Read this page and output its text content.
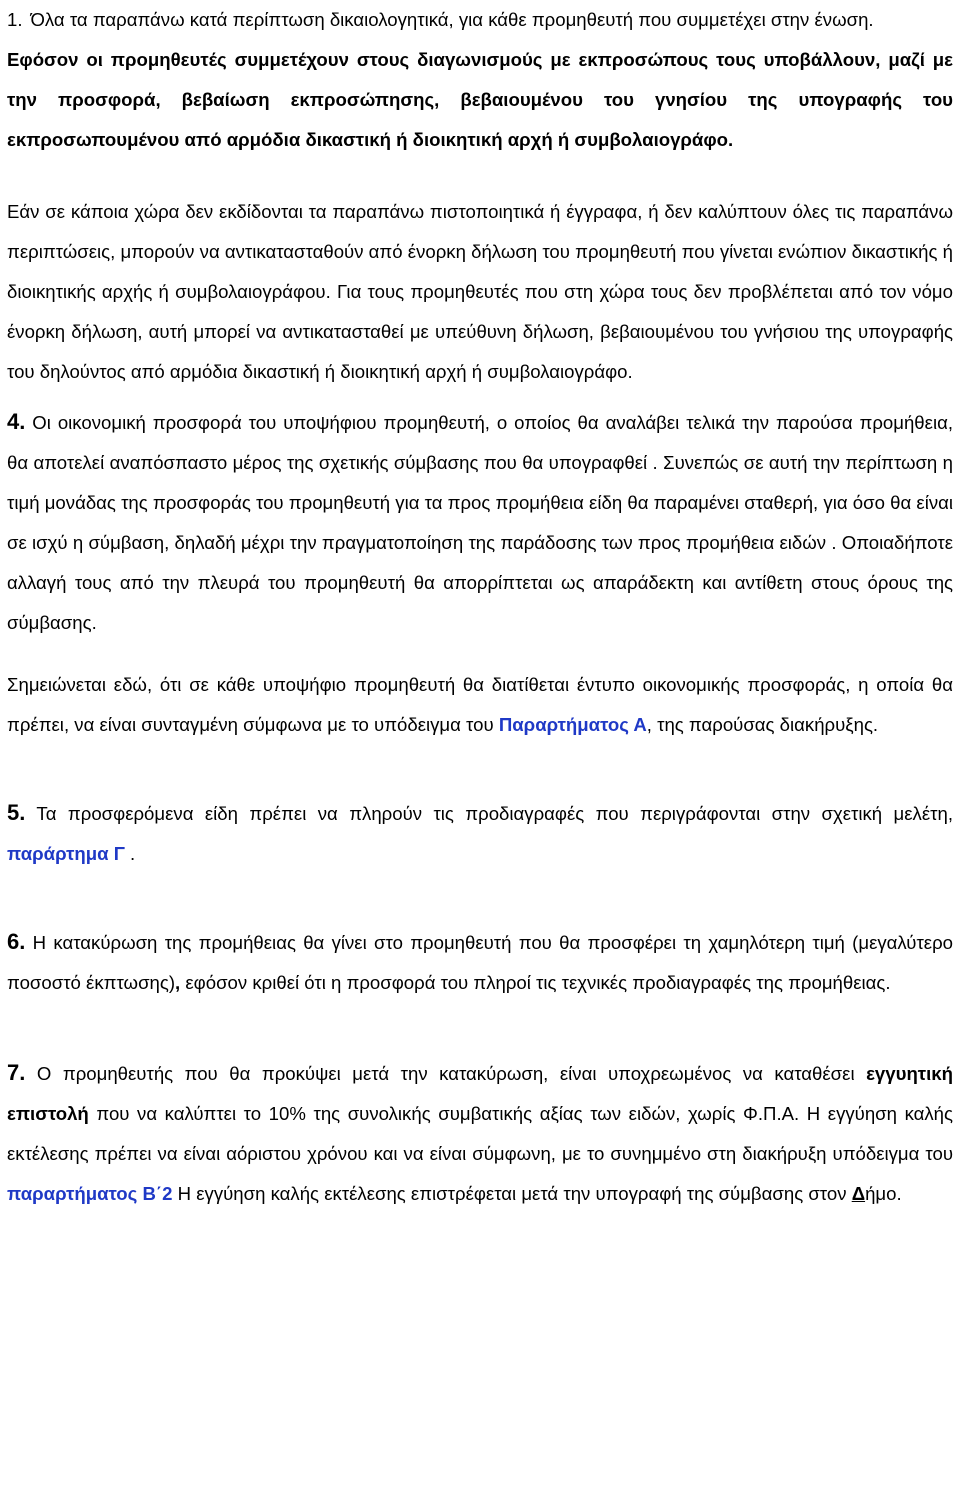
1. Όλα τα παραπάνω κατά περίπτωση δικαιολογητικά, για κάθε προμηθευτή που συμμετέχει στην ένωση.

Εφόσον οι προμηθευτές συμμετέχουν στους διαγωνισμούς με εκπροσώπους τους υποβάλλουν, μαζί με την προσφορά, βεβαίωση εκπροσώπησης, βεβαιουμένου του γνησίου της υπογραφής του εκπροσωπουμένου από αρμόδια δικαστική ή διοικητική αρχή ή συμβολαιογράφο.

Εάν σε κάποια χώρα δεν εκδίδονται τα παραπάνω πιστοποιητικά ή έγγραφα, ή δεν καλύπτουν όλες τις παραπάνω περιπτώσεις, μπορούν να αντικατασταθούν από ένορκη δήλωση του προμηθευτή που γίνεται ενώπιον δικαστικής ή διοικητικής αρχής ή συμβολαιογράφου. Για τους προμηθευτές που στη χώρα τους δεν προβλέπεται από τον νόμο ένορκη δήλωση, αυτή μπορεί να αντικατασταθεί με υπεύθυνη δήλωση, βεβαιουμένου του γνήσιου της υπογραφής του δηλούντος από αρμόδια δικαστική ή διοικητική αρχή ή συμβολαιογράφο.

4. Οι οικονομική προσφορά του υποψήφιου προμηθευτή, ο οποίος θα αναλάβει τελικά την παρούσα προμήθεια, θα αποτελεί αναπόσπαστο μέρος της σχετικής σύμβασης που θα υπογραφθεί . Συνεπώς σε αυτή την περίπτωση η τιμή μονάδας της προσφοράς του προμηθευτή για τα προς προμήθεια είδη θα παραμένει σταθερή, για όσο θα είναι σε ισχύ η σύμβαση, δηλαδή μέχρι την πραγματοποίηση της παράδοσης των προς προμήθεια ειδών . Οποιαδήποτε αλλαγή τους από την πλευρά του προμηθευτή θα απορρίπτεται ως απαράδεκτη και αντίθετη στους όρους της σύμβασης.

Σημειώνεται εδώ, ότι σε κάθε υποψήφιο προμηθευτή θα διατίθεται έντυπο οικονομικής προσφοράς, η οποία θα πρέπει, να είναι συνταγμένη σύμφωνα με το υπόδειγμα του Παραρτήματος Α, της παρούσας διακήρυξης.

5. Τα προσφερόμενα είδη πρέπει να πληρούν τις προδιαγραφές που περιγράφονται στην σχετική μελέτη, παράρτημα Γ .

6. Η κατακύρωση της προμήθειας θα γίνει στο προμηθευτή που θα προσφέρει τη χαμηλότερη τιμή (μεγαλύτερο ποσοστό έκπτωσης), εφόσον κριθεί ότι η προσφορά του πληροί τις τεχνικές προδιαγραφές της προμήθειας.

7. Ο προμηθευτής που θα προκύψει μετά την κατακύρωση, είναι υποχρεωμένος να καταθέσει εγγυητική επιστολή που να καλύπτει το 10% της συνολικής συμβατικής αξίας των ειδών, χωρίς Φ.Π.Α. Η εγγύηση καλής εκτέλεσης πρέπει να είναι αόριστου χρόνου και να είναι σύμφωνη, με το συνημμένο στη διακήρυξη υπόδειγμα του παραρτήματος Β΄2 Η εγγύηση καλής εκτέλεσης επιστρέφεται μετά την υπογραφή της σύμβασης στον Δήμο.
